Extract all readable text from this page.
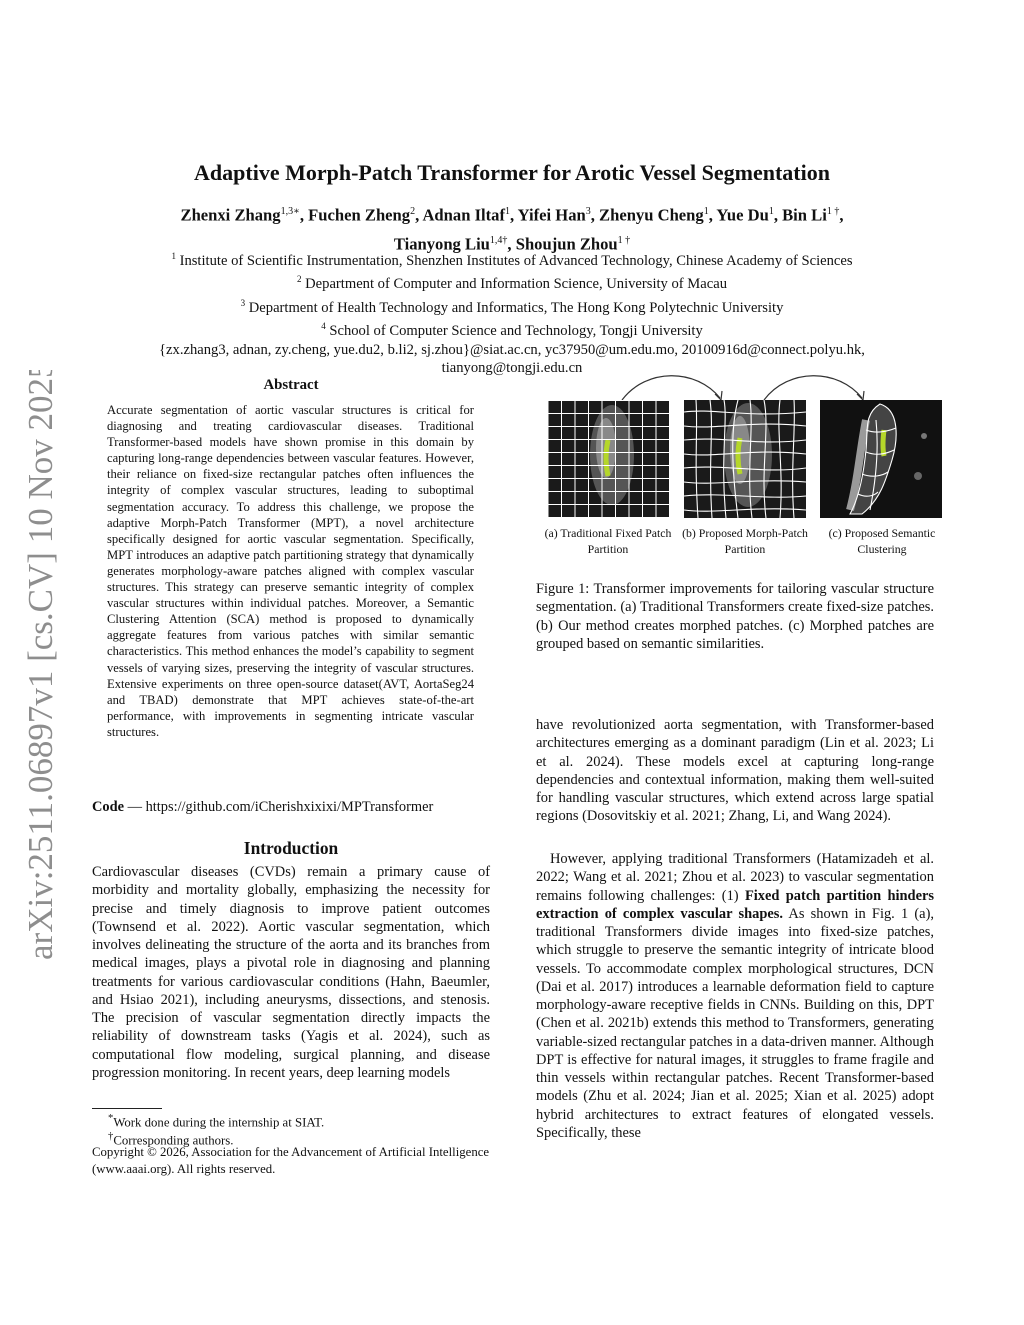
arXiv:2511.06897v1 [cs.CV] 10 Nov 2025
Adaptive Morph-Patch Transformer for Arotic Vessel Segmentation
Zhenxi Zhang$^{1,3∗}$, Fuchen Zheng$^2$, Adnan Iltaf$^1$, Yifei Han$^3$, Zhenyu Cheng$^1$, Yue Du$^1$, Bin $Li^{1 \dagger}$,
Tianyong Liu$^{1,4\dagger}$, Shoujun Zhou$^{1 \dagger}$
$^1$ Institute of Scientific Instrumentation, Shenzhen Institutes of Advanced Technology, Chinese Academy of Sciences
$^2$ Department of Computer and Information Science, University of Macau
$^3$ Department of Health Technology and Informatics, The Hong Kong Polytechnic University
$^4$ School of Computer Science and Technology, Tongji University
{zx.zhang3, adnan, zy.cheng, yue.du2, b.li2, sj.zhou}@siat.ac.cn, yc37950@um.edu.mo, 20100916d@connect.polyu.hk,
tianyong@tongji.edu.cn
Abstract
Accurate segmentation of aortic vascular structures is critical for diagnosing and treating cardiovascular diseases. Traditional Transformer-based models have shown promise in this domain by capturing long-range dependencies between vascular features. However, their reliance on fixed-size rectangular patches often influences the integrity of complex vascular structures, leading to suboptimal segmentation accuracy. To address this challenge, we propose the adaptive Morph-Patch Transformer (MPT), a novel architecture specifically designed for aortic vascular segmentation. Specifically, MPT introduces an adaptive patch partitioning strategy that dynamically generates morphology-aware patches aligned with complex vascular structures. This strategy can preserve semantic integrity of complex vascular structures within individual patches. Moreover, a Semantic Clustering Attention (SCA) method is proposed to dynamically aggregate features from various patches with similar semantic characteristics. This method enhances the model’s capability to segment vessels of varying sizes, preserving the integrity of vascular structures. Extensive experiments on three open-source dataset(AVT, AortaSeg24 and TBAD) demonstrate that MPT achieves state-of-the-art performance, with improvements in segmenting intricate vascular structures.
Code — https://github.com/iCherishxixixi/MPTransformer
Introduction

Cardiovascular diseases (CVDs) remain a primary cause of morbidity and mortality globally, emphasizing the necessity for precise and timely diagnosis to improve patient outcomes (Townsend et al. 2022). Aortic vascular segmentation, which involves delineating the structure of the aorta and its branches from medical images, plays a pivotal role in diagnosing and planning treatments for various cardiovascular conditions (Hahn, Baeumler, and Hsiao 2021), including aneurysms, dissections, and stenosis. The precision of vascular segmentation directly impacts the reliability of downstream tasks (Yagis et al. 2024), such as computational flow modeling, surgical planning, and disease progression monitoring. In recent years, deep learning models

*Work done during the internship at SIAT.
†Corresponding authors.
Copyright © 2026, Association for the Advancement of Artificial Intelligence (www.aaai.org). All rights reserved.
(a) Traditional Fixed Patch Partition
(b) Proposed Morph-Patch Partition
(c) Proposed Semantic Clustering
Figure 1: Transformer improvements for tailoring vascular structure segmentation. (a) Traditional Transformers create fixed-size patches. (b) Our method creates morphed patches. (c) Morphed patches are grouped based on semantic similarities.

have revolutionized aorta segmentation, with Transformer-based architectures emerging as a dominant paradigm (Lin et al. 2023; Li et al. 2024). These models excel at capturing long-range dependencies and contextual information, making them well-suited for handling vascular structures, which extend across large spatial regions (Dosovitskiy et al. 2021; Zhang, Li, and Wang 2024).

However, applying traditional Transformers (Hatamizadeh et al. 2022; Wang et al. 2021; Zhou et al. 2023) to vascular segmentation remains following challenges: (1) Fixed patch partition hinders extraction of complex vascular shapes. As shown in Fig. 1 (a), traditional Transformers divide images into fixed-size patches, which struggle to preserve the semantic integrity of intricate blood vessels. To accommodate complex morphological structures, DCN (Dai et al. 2017) introduces a learnable deformation field to capture morphology-aware receptive fields in CNNs. Building on this, DPT (Chen et al. 2021b) extends this method to Transformers, generating variable-sized rectangular patches in a data-driven manner. Although DPT is effective for natural images, it struggles to frame fragile and thin vessels within rectangular patches. Recent Transformer-based models (Zhu et al. 2024; Jian et al. 2025; Xian et al. 2025) adopt hybrid architectures to extract features of elongated vessels. Specifically, these
